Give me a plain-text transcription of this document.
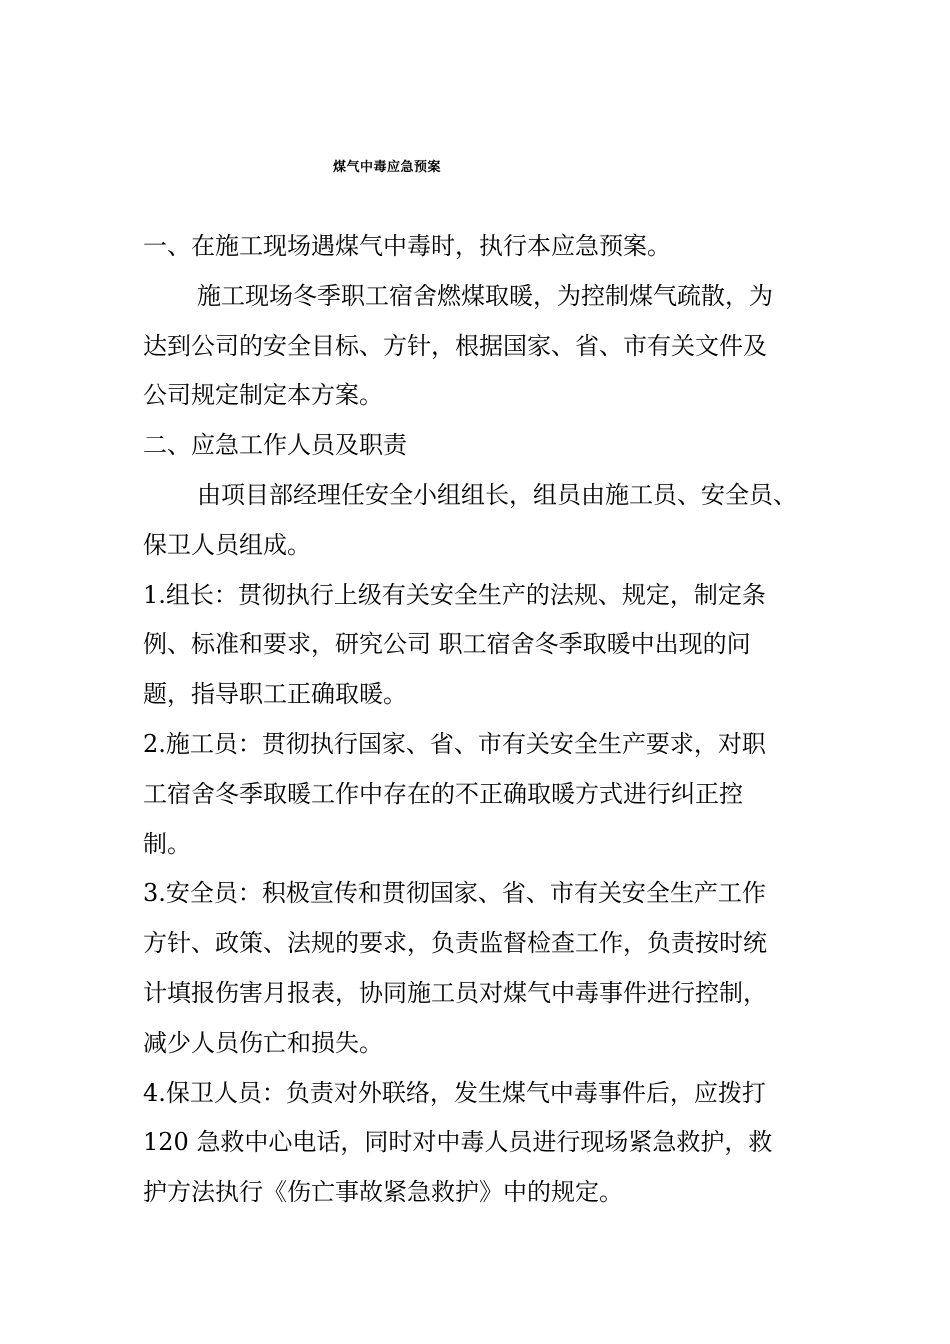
煤气中毒应急预案
一、在施工现场遇煤气中毒时，执行本应急预案。
施工现场冬季职工宿舍燃煤取暖，为控制煤气疏散，为
达到公司的安全目标、方针，根据国家、省、市有关文件及
公司规定制定本方案。
二、应急工作人员及职责
由项目部经理任安全小组组长，组员由施工员、安全员、
保卫人员组成。
1.组长：贯彻执行上级有关安全生产的法规、规定，制定条
例、标准和要求，研究公司 职工宿舍冬季取暖中出现的问
题，指导职工正确取暖。
2.施工员：贯彻执行国家、省、市有关安全生产要求，对职
工宿舍冬季取暖工作中存在的不正确取暖方式进行纠正控
制。
3.安全员：积极宣传和贯彻国家、省、市有关安全生产工作
方针、政策、法规的要求，负责监督检查工作，负责按时统
计填报伤害月报表，协同施工员对煤气中毒事件进行控制，
减少人员伤亡和损失。
4.保卫人员：负责对外联络，发生煤气中毒事件后，应拨打
120 急救中心电话，同时对中毒人员进行现场紧急救护，救
护方法执行《伤亡事故紧急救护》中的规定。
